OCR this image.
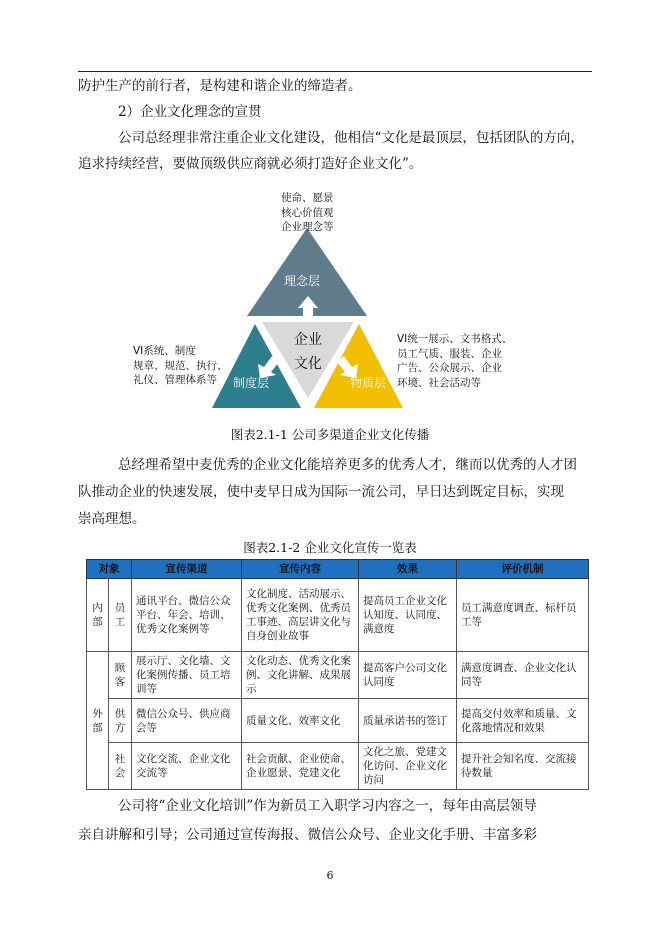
防护生产的前行者，是构建和谐企业的缔造者。
2）企业文化理念的宣贯
公司总经理非常注重企业文化建设，他相信“文化是最顶层，包括团队的方向，
追求持续经营，要做顶级供应商就必须打造好企业文化”。
理念层
制度层	物质层
企业
文化
使命、愿景
核心价值观
企业理念等
VI系统、制度
规章、规范、执行、
礼仪、管理体系等
VI统一展示、文书格式、
员工气质、服装、企业
广告、公众展示、企业
环境、社会活动等
图表2.1-1 公司多渠道企业文化传播
总经理希望中麦优秀的企业文化能培养更多的优秀人才，继而以优秀的人才团
队推动企业的快速发展，使中麦早日成为国际一流公司，早日达到既定目标，实现
崇高理想。
图表2.1-2 企业文化宣传一览表
对象		宣传渠道	宣传内容	效果	评价机制
内部	员工	通讯平台、微信公众平台、年会、培训、优秀文化案例等	文化制度、活动展示、优秀文化案例、优秀员工事迹、高层讲文化与自身创业故事	提高员工企业文化认知度、认同度、满意度	员工满意度调查、标杆员工等
外部	顾客	展示厅、文化墙、文化案例传播、员工培训等	文化动态、优秀文化案例、文化讲解、成果展示	提高客户公司文化认同度	满意度调查、企业文化认同等
	供方	微信公众号、供应商会等	质量文化、效率文化	质量承诺书的签订	提高交付效率和质量、文化落地情况和效果
	社会	文化交流、企业文化交流等	社会贡献、企业使命、企业愿景、党建文化	文化之旅、党建文化访问、企业文化访问	提升社会知名度、交流接待数量
公司将“企业文化培训”作为新员工入职学习内容之一，每年由高层领导
亲自讲解和引导；公司通过宣传海报、微信公众号、企业文化手册、丰富多彩
6
